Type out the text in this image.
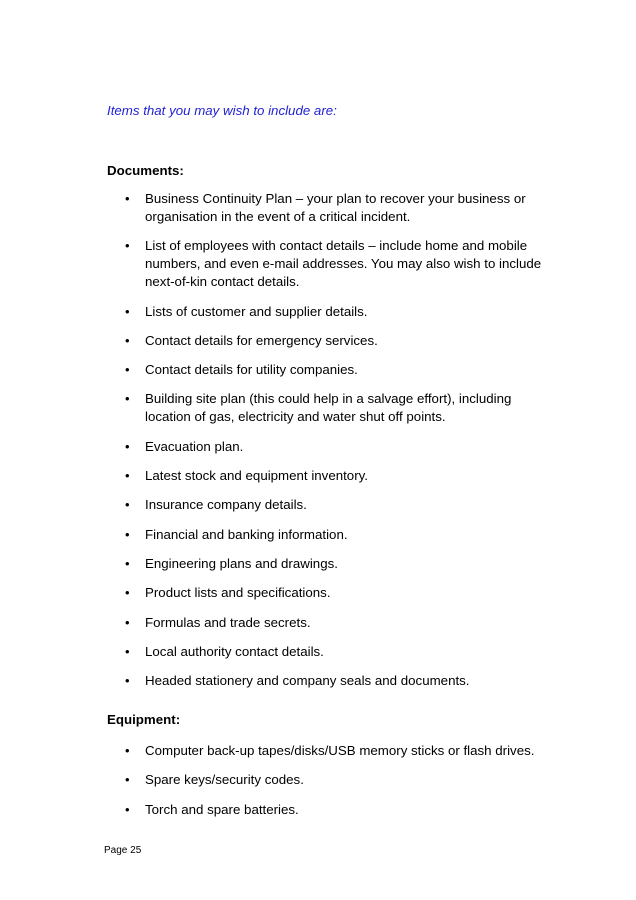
Items that you may wish to include are:

Documents:
• Business Continuity Plan – your plan to recover your business or organisation in the event of a critical incident.
• List of employees with contact details – include home and mobile numbers, and even e-mail addresses. You may also wish to include next-of-kin contact details.
• Lists of customer and supplier details.
• Contact details for emergency services.
• Contact details for utility companies.
• Building site plan (this could help in a salvage effort), including location of gas, electricity and water shut off points.
• Evacuation plan.
• Latest stock and equipment inventory.
• Insurance company details.
• Financial and banking information.
• Engineering plans and drawings.
• Product lists and specifications.
• Formulas and trade secrets.
• Local authority contact details.
• Headed stationery and company seals and documents.
Equipment:
• Computer back-up tapes/disks/USB memory sticks or flash drives.
• Spare keys/security codes.
• Torch and spare batteries.

Page 25
